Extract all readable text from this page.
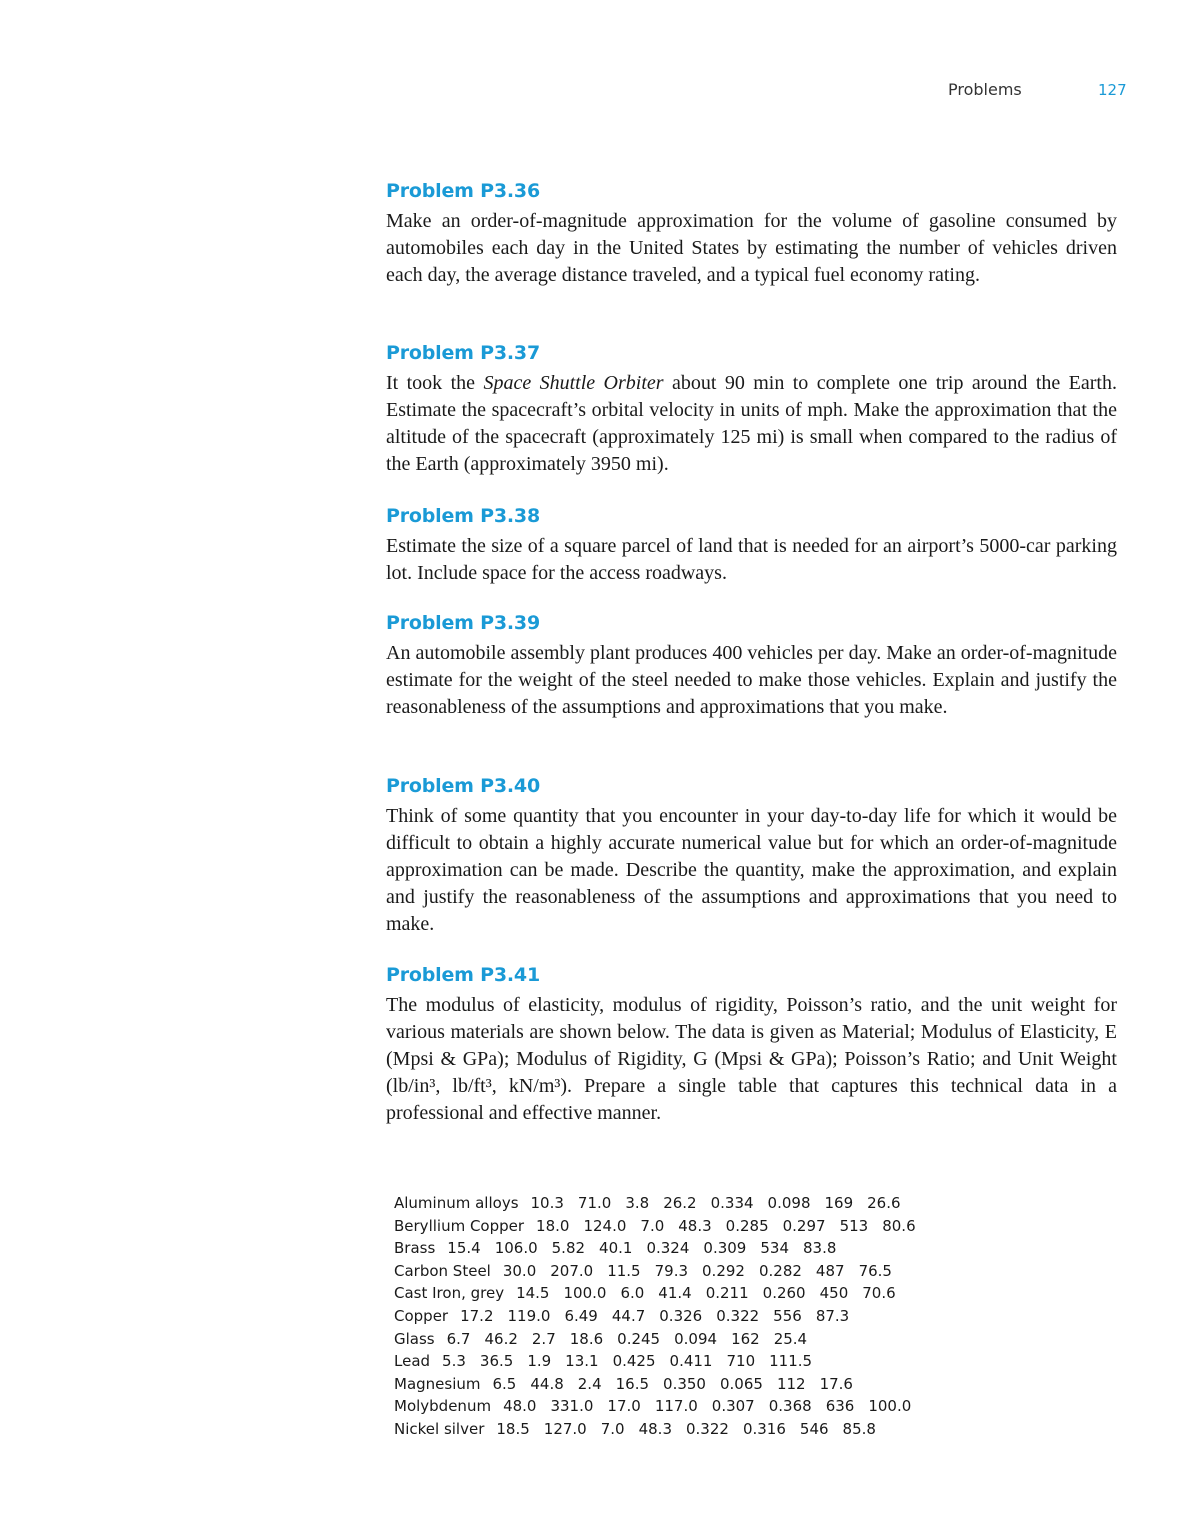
Problems	127
Problem P3.36

Make an order-of-magnitude approximation for the volume of gasoline consumed by automobiles each day in the United States by estimating the number of vehicles driven each day, the average distance traveled, and a typical fuel economy rating.

Problem P3.37

It took the Space Shuttle Orbiter about 90 min to complete one trip around the Earth. Estimate the spacecraft’s orbital velocity in units of mph. Make the approximation that the altitude of the spacecraft (approximately 125 mi) is small when compared to the radius of the Earth (approximately 3950 mi).

Problem P3.38

Estimate the size of a square parcel of land that is needed for an airport’s 5000-car parking lot. Include space for the access roadways.

Problem P3.39

An automobile assembly plant produces 400 vehicles per day. Make an order-of-magnitude estimate for the weight of the steel needed to make those vehicles. Explain and justify the reasonableness of the assumptions and approximations that you make.

Problem P3.40

Think of some quantity that you encounter in your day-to-day life for which it would be difficult to obtain a highly accurate numerical value but for which an order-of-magnitude approximation can be made. Describe the quantity, make the approximation, and explain and justify the reasonableness of the assumptions and approximations that you need to make.

Problem P3.41

The modulus of elasticity, modulus of rigidity, Poisson’s ratio, and the unit weight for various materials are shown below. The data is given as Material; Modulus of Elasticity, E (Mpsi & GPa); Modulus of Rigidity, G (Mpsi & GPa); Poisson’s Ratio; and Unit Weight (lb/in³, lb/ft³, kN/m³). Prepare a single table that captures this technical data in a professional and effective manner.

Aluminum alloys 10.3 71.0 3.8 26.2 0.334 0.098 169 26.6
Beryllium Copper 18.0 124.0 7.0 48.3 0.285 0.297 513 80.6
Brass 15.4 106.0 5.82 40.1 0.324 0.309 534 83.8
Carbon Steel 30.0 207.0 11.5 79.3 0.292 0.282 487 76.5
Cast Iron, grey 14.5 100.0 6.0 41.4 0.211 0.260 450 70.6
Copper 17.2 119.0 6.49 44.7 0.326 0.322 556 87.3
Glass 6.7 46.2 2.7 18.6 0.245 0.094 162 25.4
Lead 5.3 36.5 1.9 13.1 0.425 0.411 710 111.5
Magnesium 6.5 44.8 2.4 16.5 0.350 0.065 112 17.6
Molybdenum 48.0 331.0 17.0 117.0 0.307 0.368 636 100.0
Nickel silver 18.5 127.0 7.0 48.3 0.322 0.316 546 85.8
